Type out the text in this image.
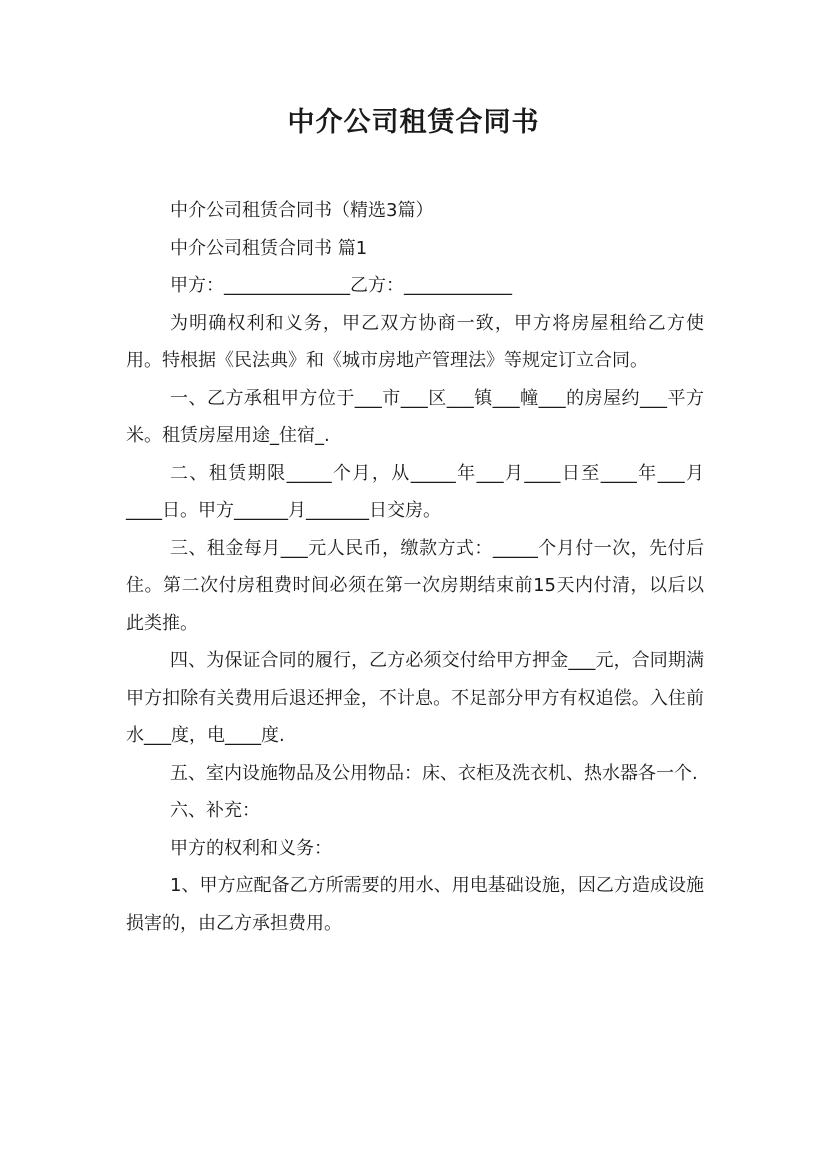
中介公司租赁合同书

中介公司租赁合同书（精选3篇）

中介公司租赁合同书 篇1

甲方：______________乙方：____________

为明确权利和义务，甲乙双方协商一致，甲方将房屋租给乙方使用。特根据《民法典》和《城市房地产管理法》等规定订立合同。

一、乙方承租甲方位于___市___区___镇___幢___的房屋约___平方米。租赁房屋用途_住宿_.

二、租赁期限_____个月，从_____年___月____日至____年___月____日。甲方______月_______日交房。

三、租金每月___元人民币，缴款方式：_____个月付一次，先付后住。第二次付房租费时间必须在第一次房期结束前15天内付清，以后以此类推。

四、为保证合同的履行，乙方必须交付给甲方押金___元，合同期满甲方扣除有关费用后退还押金，不计息。不足部分甲方有权追偿。入住前水___度，电____度.

五、室内设施物品及公用物品：床、衣柜及洗衣机、热水器各一个.

六、补充：

甲方的权利和义务：

1、甲方应配备乙方所需要的用水、用电基础设施，因乙方造成设施损害的，由乙方承担费用。
